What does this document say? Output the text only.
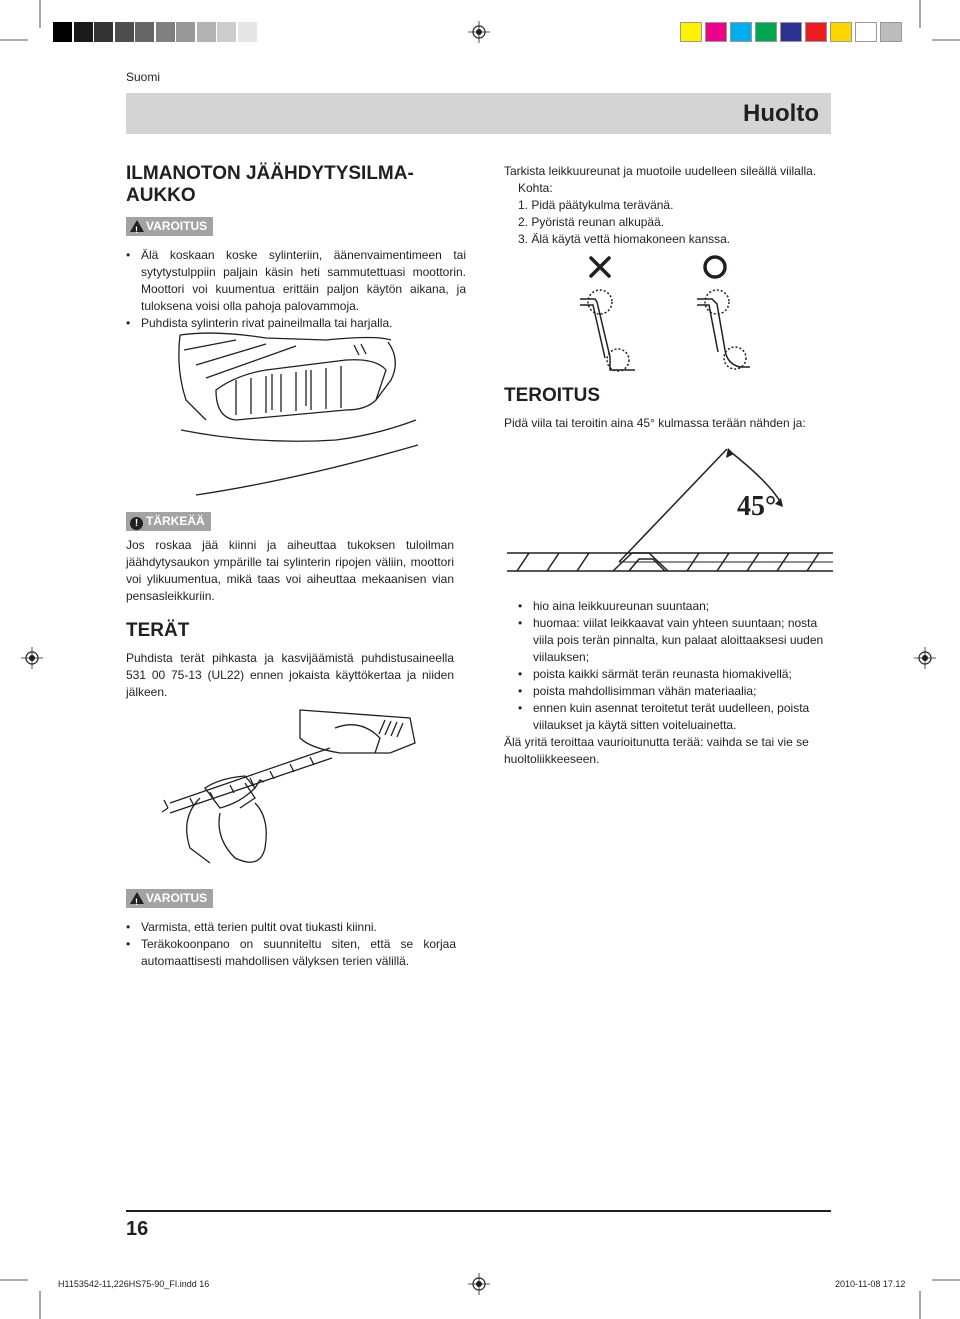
Suomi
Huolto
ILMANOTON JÄÄHDYTYSILMA-
AUKKO
!VAROITUS
• Älä koskaan koske sylinteriin, äänenvaimentimeen tai sytytystulppiin paljain käsin heti sammutettuasi moottorin. Moottori voi kuumentua erittäin paljon käytön aikana, ja tuloksena voisi olla pahoja palovammoja.
• Puhdista sylinterin rivat paineilmalla tai harjalla.
! TÄRKEÄÄ
Jos roskaa jää kiinni ja aiheuttaa tukoksen tuloilman jäähdytysaukon ympärille tai sylinterin ripojen väliin, moottori voi ylikuumentua, mikä taas voi aiheuttaa mekaanisen vian pensasleikkuriin.
TERÄT
Puhdista terät pihkasta ja kasvijäämistä puhdistusaineella 531 00 75-13 (UL22) ennen jokaista käyttökertaa ja niiden jälkeen.
Tarkista leikkuureunat ja muotoile uudelleen sileällä viilalla.
Kohta:
1. Pidä päätykulma terävänä.
2. Pyöristä reunan alkupää.
3. Älä käytä vettä hiomakoneen kanssa.
TEROITUS
Pidä viila tai teroitin aina 45° kulmassa terään nähden ja:
45°
• hio aina leikkuureunan suuntaan;
• huomaa: viilat leikkaavat vain yhteen suuntaan; nosta viila pois terän pinnalta, kun palaat aloittaaksesi uuden viilauksen;
• poista kaikki särmät terän reunasta hiomakivellä;
• poista mahdollisimman vähän materiaalia;
• ennen kuin asennat teroitetut terät uudelleen, poista viilaukset ja käytä sitten voiteluainetta.
Älä yritä teroittaa vaurioitunutta terää: vaihda se tai vie se huoltoliikkeeseen.
!VAROITUS
• Varmista, että terien pultit ovat tiukasti kiinni.
• Teräkokoonpano on suunniteltu siten, että se korjaa automaattisesti mahdollisen välyksen terien välillä.
16
H1153542-11,226HS75-90_FI.indd 16	2010-11-08 17.12
